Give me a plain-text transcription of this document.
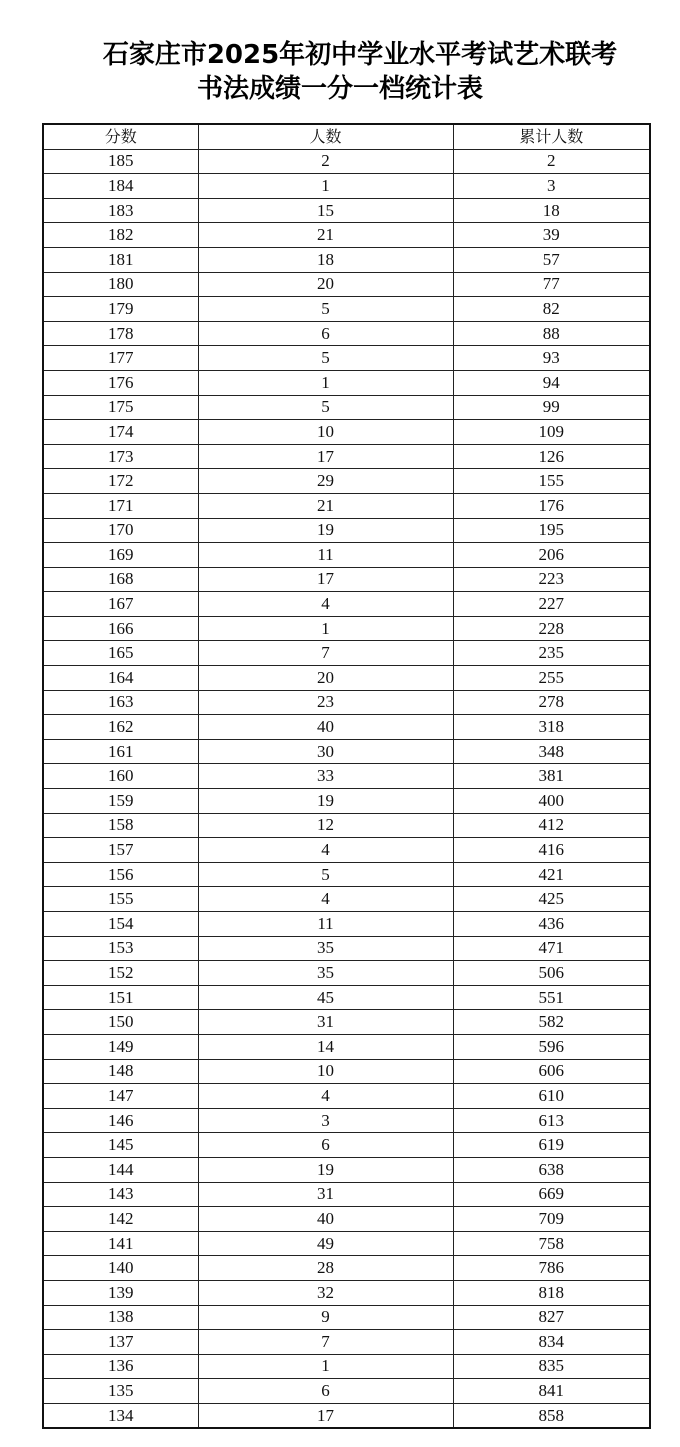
石家庄市2025年初中学业水平考试艺术联考
书法成绩一分一档统计表
分数	人数	累计人数
185	2	2
184	1	3
183	15	18
182	21	39
181	18	57
180	20	77
179	5	82
178	6	88
177	5	93
176	1	94
175	5	99
174	10	109
173	17	126
172	29	155
171	21	176
170	19	195
169	11	206
168	17	223
167	4	227
166	1	228
165	7	235
164	20	255
163	23	278
162	40	318
161	30	348
160	33	381
159	19	400
158	12	412
157	4	416
156	5	421
155	4	425
154	11	436
153	35	471
152	35	506
151	45	551
150	31	582
149	14	596
148	10	606
147	4	610
146	3	613
145	6	619
144	19	638
143	31	669
142	40	709
141	49	758
140	28	786
139	32	818
138	9	827
137	7	834
136	1	835
135	6	841
134	17	858
